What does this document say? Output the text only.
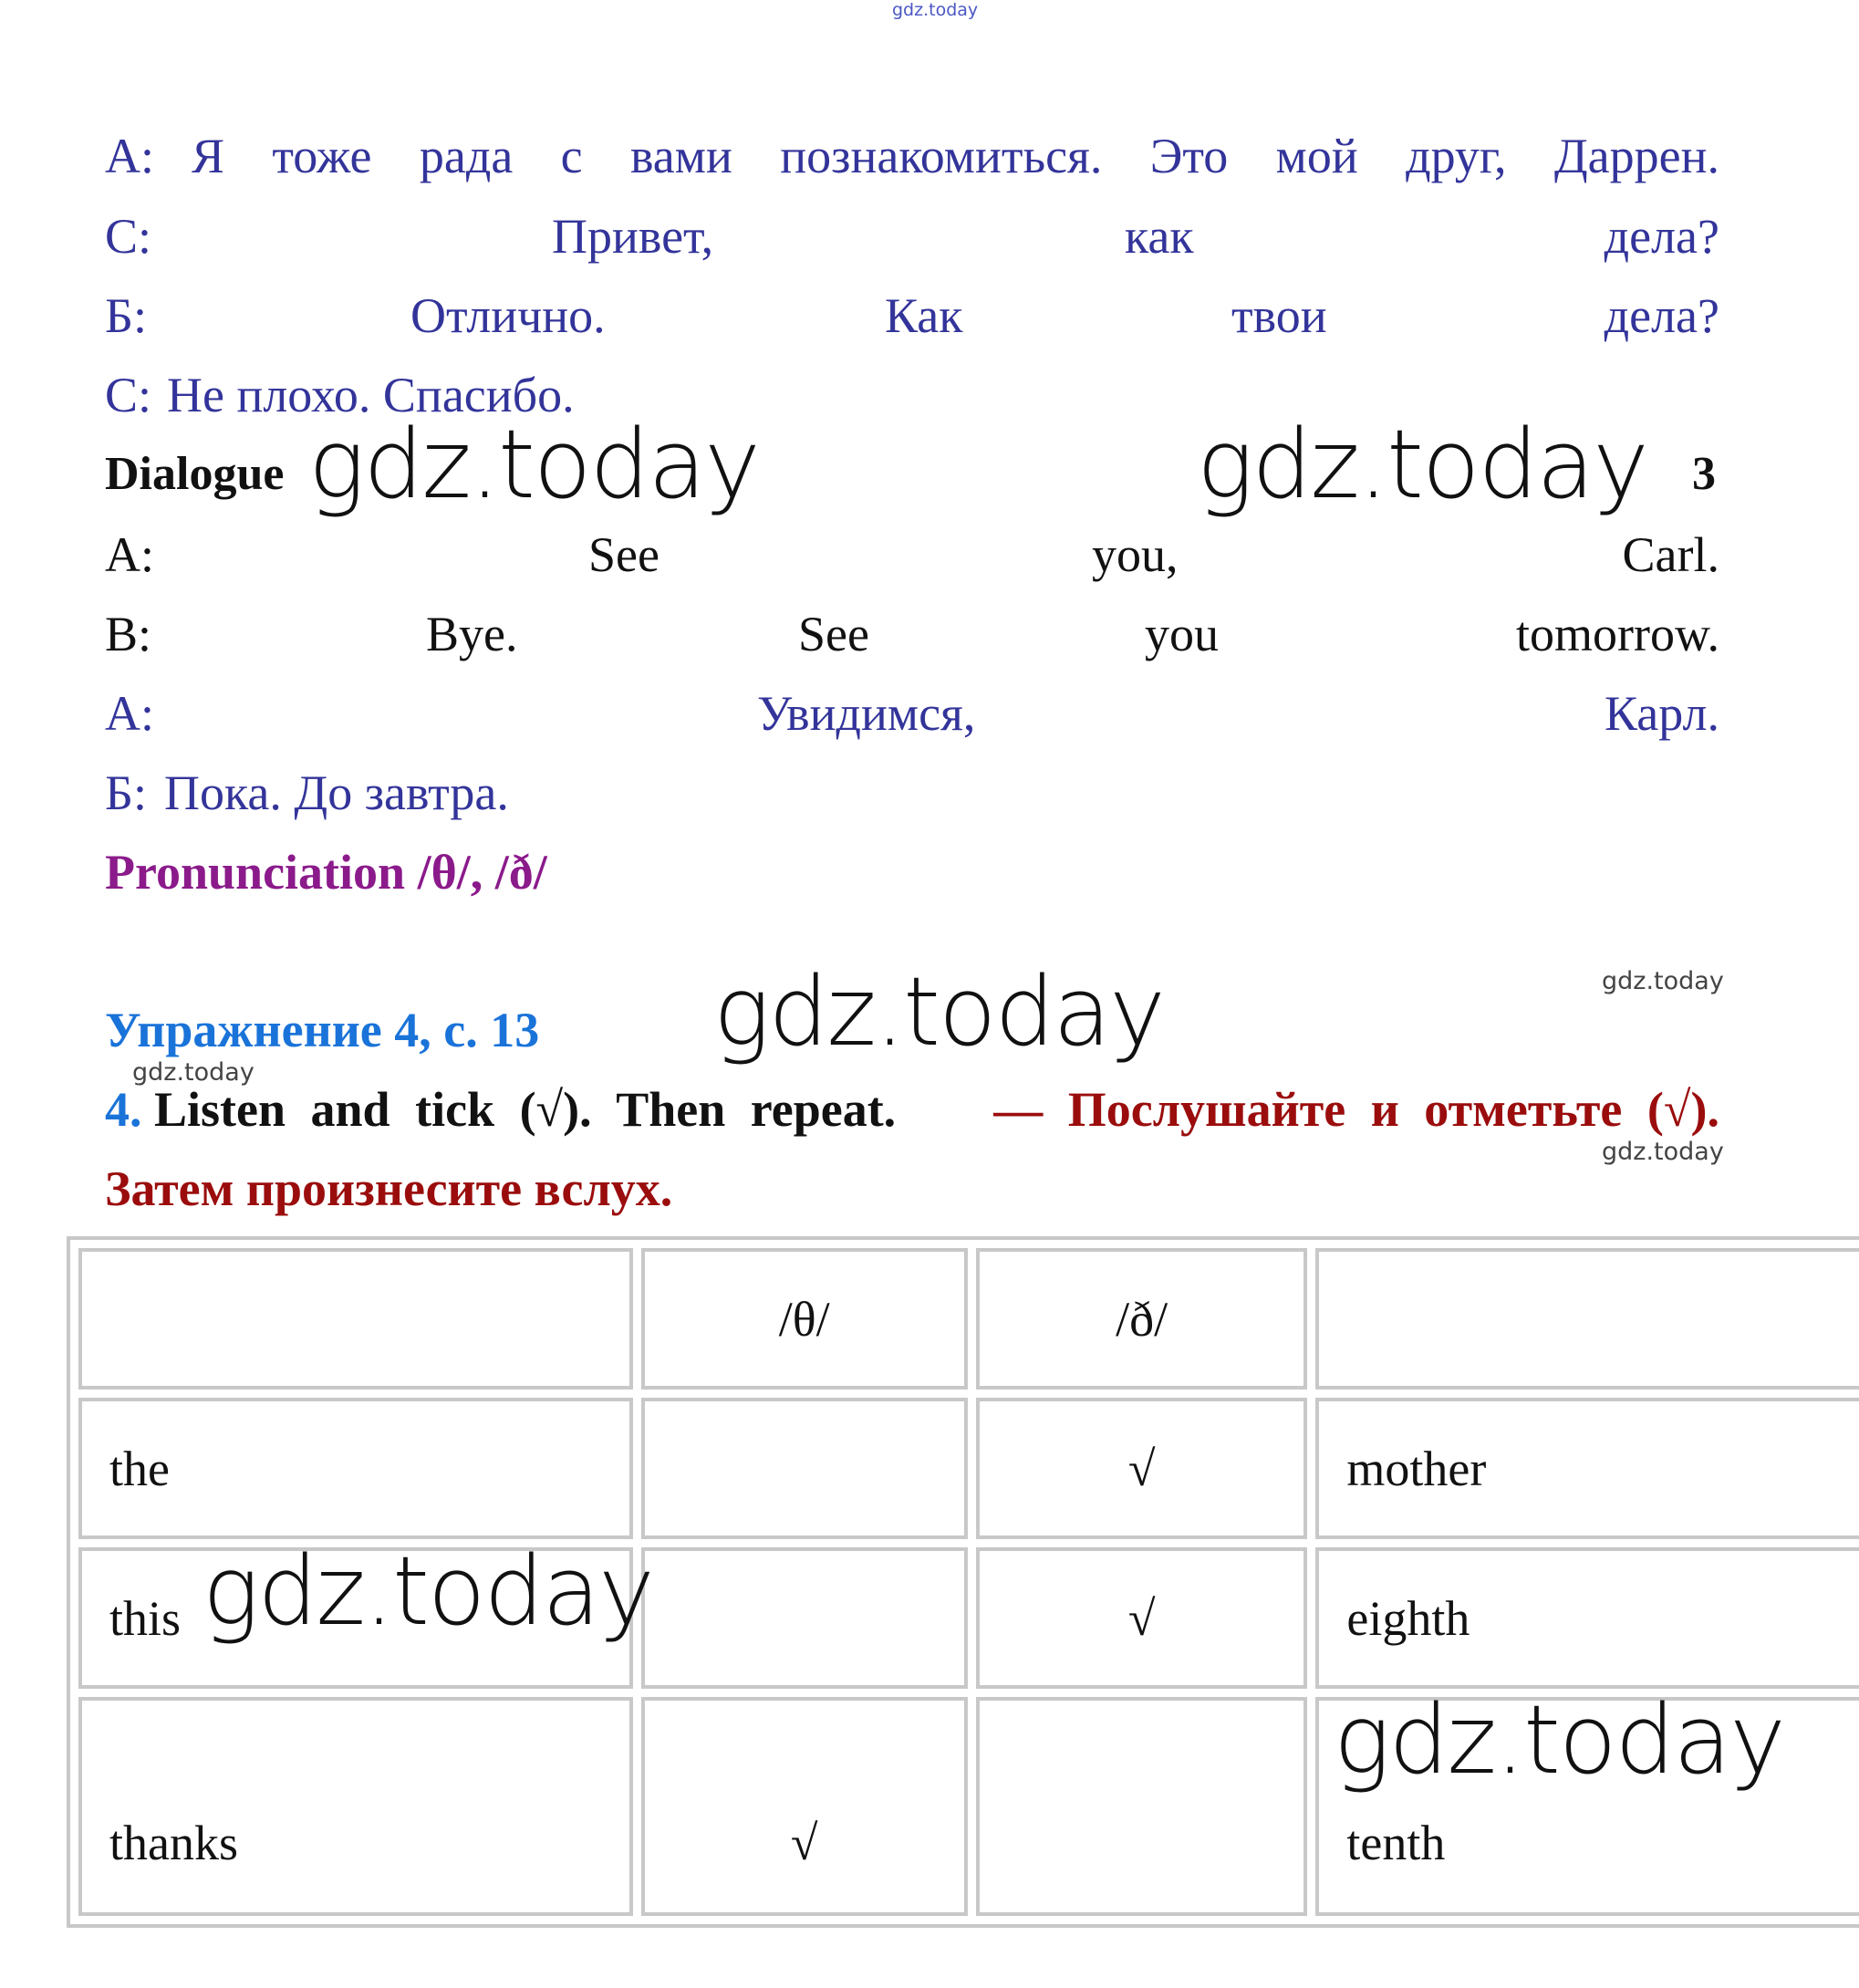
gdz.today
А: Я тоже рада с вами познакомиться. Это мой друг, Даррен.
С:	Привет,	как	дела?
Б:	Отлично.	Как	твои	дела?
С: Не плохо. Спасибо.
Dialogue	3
gdz.today	gdz.today
A:	See	you,	Carl.
B:	Bye.	See	you	tomorrow.
А:	Увидимся,	Карл.
Б: Пока. До завтра.
Pronunciation /θ/, /ð/
gdz.today
Упражнение 4, с. 13 gdz.today
gdz.today
4. Listen and tick (√). Then repeat. — Послушайте и отметьте (√).
gdz.today
Затем произнесите вслух.
	/θ/	/ð/	
the		√	mother
this		√	eighth
thanks	√		tenth
gdz.today
gdz.today
